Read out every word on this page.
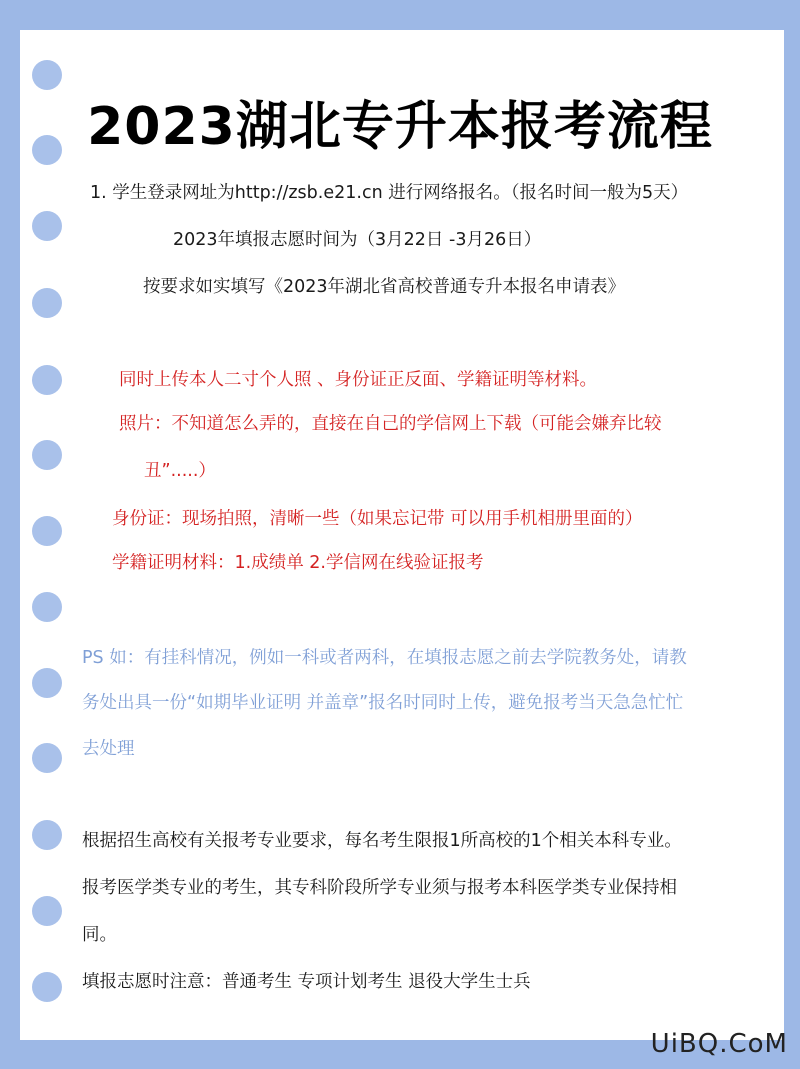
2023湖北专升本报考流程
1. 学生登录网址为http://zsb.e21.cn 进行网络报名。（报名时间一般为5天）
2023年填报志愿时间为（3月22日 -3月26日）
按要求如实填写《2023年湖北省高校普通专升本报名申请表》
同时上传本人二寸个人照 、身份证正反面、学籍证明等材料。
照片：不知道怎么弄的，直接在自己的学信网上下载（可能会嫌弃比较
丑”.....）
身份证：现场拍照，清晰一些（如果忘记带 可以用手机相册里面的）
学籍证明材料：1.成绩单 2.学信网在线验证报考
PS 如：有挂科情况，例如一科或者两科，在填报志愿之前去学院教务处，请教
务处出具一份“如期毕业证明 并盖章”报名时同时上传，避免报考当天急急忙忙
去处理
根据招生高校有关报考专业要求，每名考生限报1所高校的1个相关本科专业。
报考医学类专业的考生，其专科阶段所学专业须与报考本科医学类专业保持相
同。
填报志愿时注意：普通考生 专项计划考生 退役大学生士兵
UiBQ.CoM
